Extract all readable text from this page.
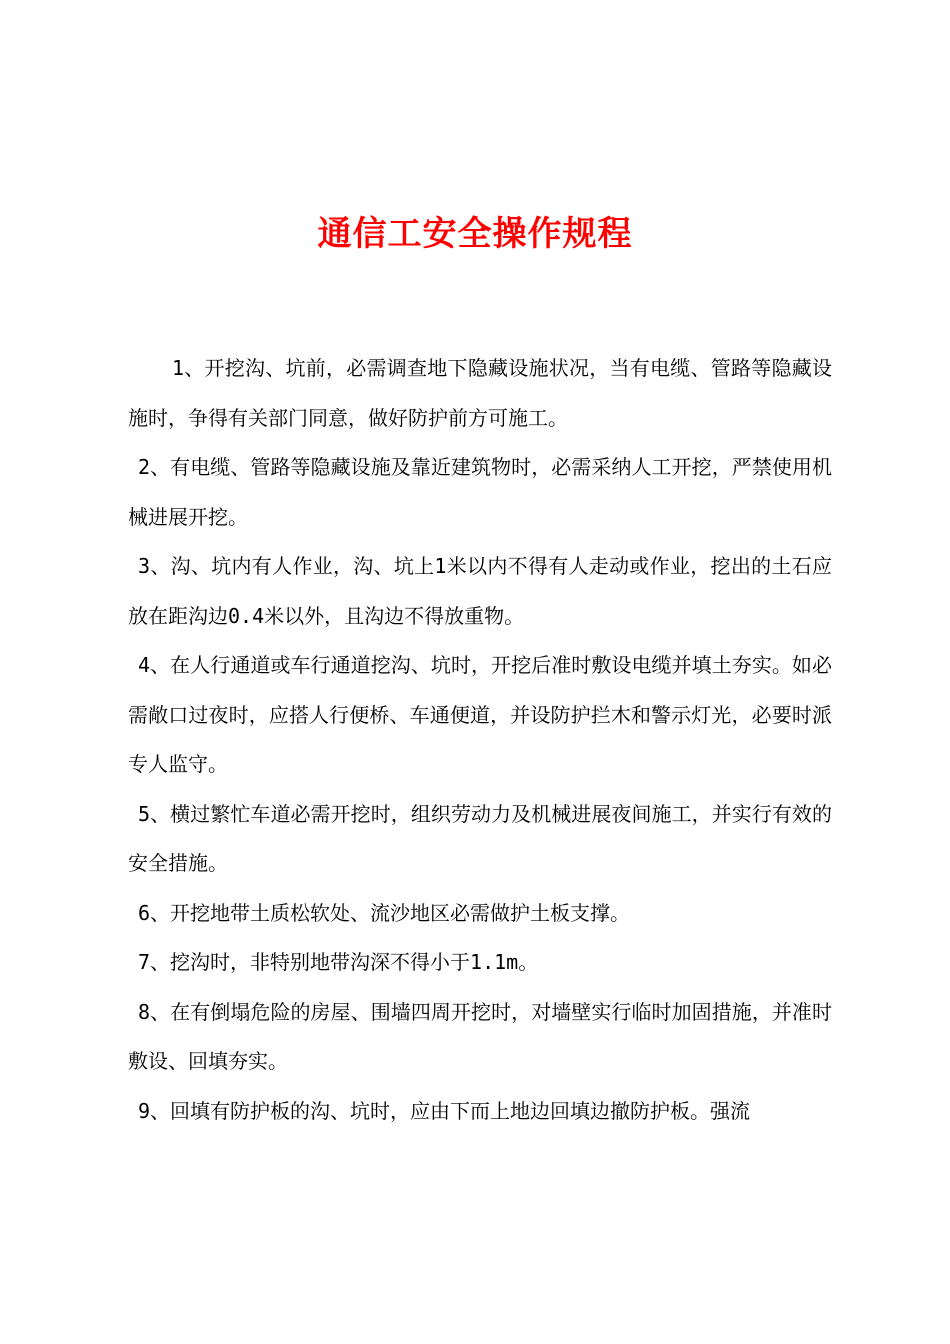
通信工安全操作规程

1、开挖沟、坑前，必需调查地下隐藏设施状况，当有电缆、管路等隐藏设施时，争得有关部门同意，做好防护前方可施工。

2、有电缆、管路等隐藏设施及靠近建筑物时，必需采纳人工开挖，严禁使用机械进展开挖。

3、沟、坑内有人作业，沟、坑上1米以内不得有人走动或作业，挖出的土石应放在距沟边0.4米以外，且沟边不得放重物。

4、在人行通道或车行通道挖沟、坑时，开挖后准时敷设电缆并填土夯实。如必需敞口过夜时，应搭人行便桥、车通便道，并设防护拦木和警示灯光，必要时派专人监守。

5、横过繁忙车道必需开挖时，组织劳动力及机械进展夜间施工，并实行有效的安全措施。

6、开挖地带土质松软处、流沙地区必需做护土板支撑。

7、挖沟时，非特别地带沟深不得小于1.1m。

8、在有倒塌危险的房屋、围墙四周开挖时，对墙壁实行临时加固措施，并准时敷设、回填夯实。

9、回填有防护板的沟、坑时，应由下而上地边回填边撤防护板。强流
